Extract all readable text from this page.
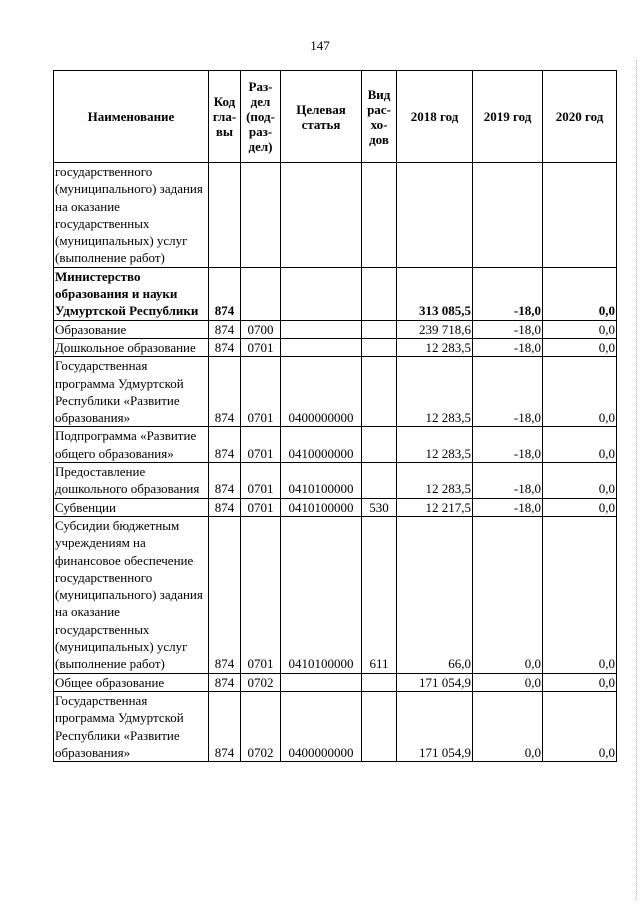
147
Наименование	Код гла- вы	Раз- дел (под- раз- дел)	Целевая статья	Вид рас- хо- дов	2018 год	2019 год	2020 год
государственного (муниципального) задания на оказание государственных (муниципальных) услуг (выполнение работ)							
Министерство образования и науки Удмуртской Республики	874				313 085,5	-18,0	0,0
Образование	874	0700			239 718,6	-18,0	0,0
Дошкольное образование	874	0701			12 283,5	-18,0	0,0
Государственная программа Удмуртской Республики «Развитие образования»	874	0701	0400000000		12 283,5	-18,0	0,0
Подпрограмма «Развитие общего образования»	874	0701	0410000000		12 283,5	-18,0	0,0
Предоставление дошкольного образования	874	0701	0410100000		12 283,5	-18,0	0,0
Субвенции	874	0701	0410100000	530	12 217,5	-18,0	0,0
Субсидии бюджетным учреждениям на финансовое обеспечение государственного (муниципального) задания на оказание государственных (муниципальных) услуг (выполнение работ)	874	0701	0410100000	611	66,0	0,0	0,0
Общее образование	874	0702			171 054,9	0,0	0,0
Государственная программа Удмуртской Республики «Развитие образования»	874	0702	0400000000		171 054,9	0,0	0,0
